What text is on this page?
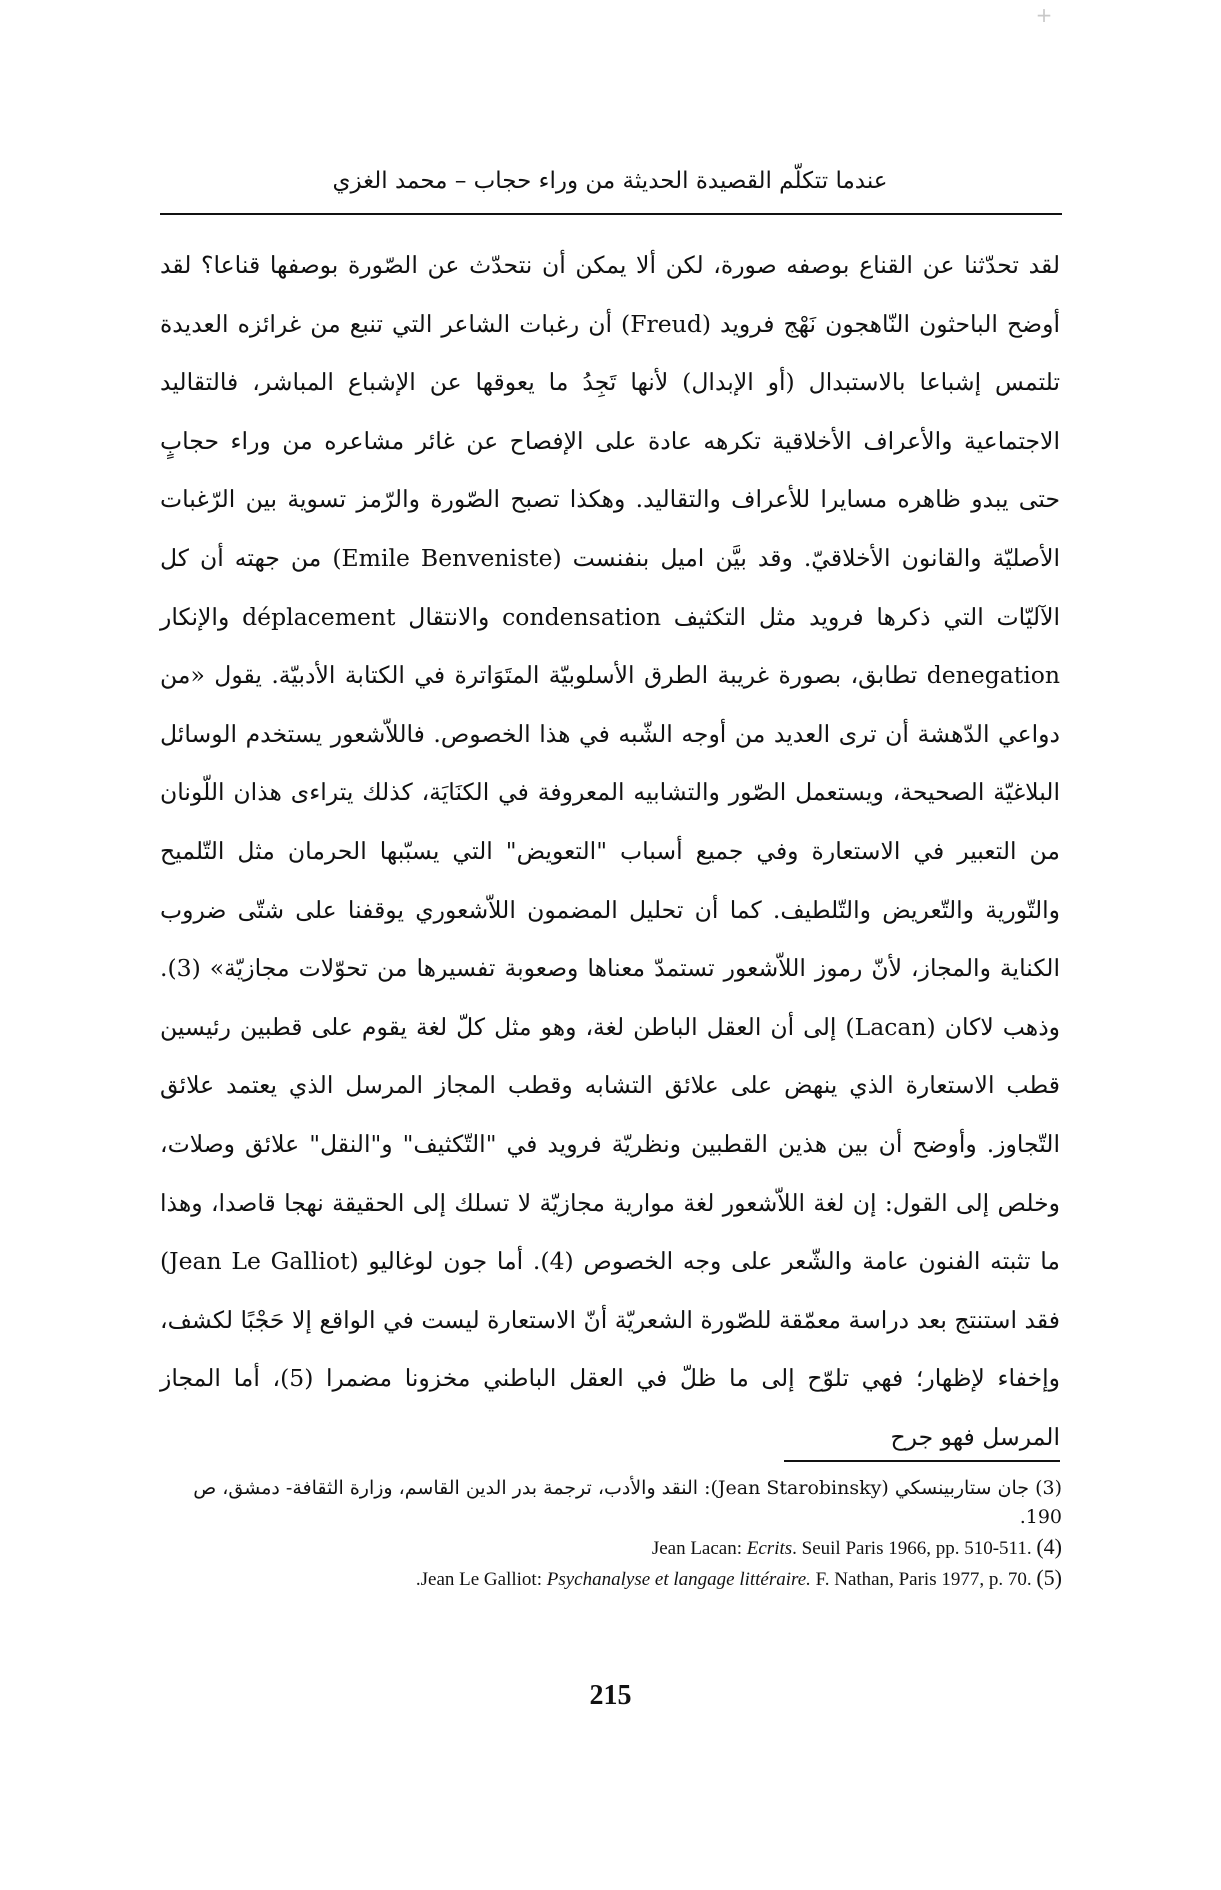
+
عندما تتكلّم القصيدة الحديثة من وراء حجاب – محمد الغزي

لقد تحدّثنا عن القناع بوصفه صورة، لكن ألا يمكن أن نتحدّث عن الصّورة بوصفها قناعا؟ لقد أوضح الباحثون النّاهجون نَهْج فرويد (Freud) أن رغبات الشاعر التي تنبع من غرائزه العديدة تلتمس إشباعا بالاستبدال (أو الإبدال) لأنها تَجِدُ ما يعوقها عن الإشباع المباشر، فالتقاليد الاجتماعية والأعراف الأخلاقية تكرهه عادة على الإفصاح عن غائر مشاعره من وراء حجابٍ حتى يبدو ظاهره مسايرا للأعراف والتقاليد. وهكذا تصبح الصّورة والرّمز تسوية بين الرّغبات الأصليّة والقانون الأخلاقيّ. وقد بيَّن اميل بنفنست (Emile Benveniste) من جهته أن كل الآليّات التي ذكرها فرويد مثل التكثيف condensation والانتقال déplacement والإنكار denegation تطابق، بصورة غريبة الطرق الأسلوبيّة المتَوَاترة في الكتابة الأدبيّة. يقول «من دواعي الدّهشة أن ترى العديد من أوجه الشّبه في هذا الخصوص. فاللاّشعور يستخدم الوسائل البلاغيّة الصحيحة، ويستعمل الصّور والتشابيه المعروفة في الكنَايَة، كذلك يتراءى هذان اللّونان من التعبير في الاستعارة وفي جميع أسباب "التعويض" التي يسبّبها الحرمان مثل التّلميح والتّورية والتّعريض والتّلطيف. كما أن تحليل المضمون اللاّشعوري يوقفنا على شتّى ضروب الكناية والمجاز، لأنّ رموز اللاّشعور تستمدّ معناها وصعوبة تفسيرها من تحوّلات مجازيّة» (3). وذهب لاكان (Lacan) إلى أن العقل الباطن لغة، وهو مثل كلّ لغة يقوم على قطبين رئيسين قطب الاستعارة الذي ينهض على علائق التشابه وقطب المجاز المرسل الذي يعتمد علائق التّجاوز. وأوضح أن بين هذين القطبين ونظريّة فرويد في "التّكثيف" و"النقل" علائق وصلات، وخلص إلى القول: إن لغة اللاّشعور لغة موارية مجازيّة لا تسلك إلى الحقيقة نهجا قاصدا، وهذا ما تثبته الفنون عامة والشّعر على وجه الخصوص (4). أما جون لوغاليو (Jean Le Galliot) فقد استنتج بعد دراسة معمّقة للصّورة الشعريّة أنّ الاستعارة ليست في الواقع إلا حَجْبًا لكشف، وإخفاء لإظهار؛ فهي تلوّح إلى ما ظلّ في العقل الباطني مخزونا مضمرا (5)، أما المجاز المرسل فهو جرح

(3) جان ستاربينسكي (Jean Starobinsky): النقد والأدب، ترجمة بدر الدين القاسم، وزارة الثقافة- دمشق، ص 190.

Jean Lacan: Ecrits. Seuil Paris 1966, pp. 510-511. (4)

.Jean Le Galliot: Psychanalyse et langage littéraire. F. Nathan, Paris 1977, p. 70. (5)

215
